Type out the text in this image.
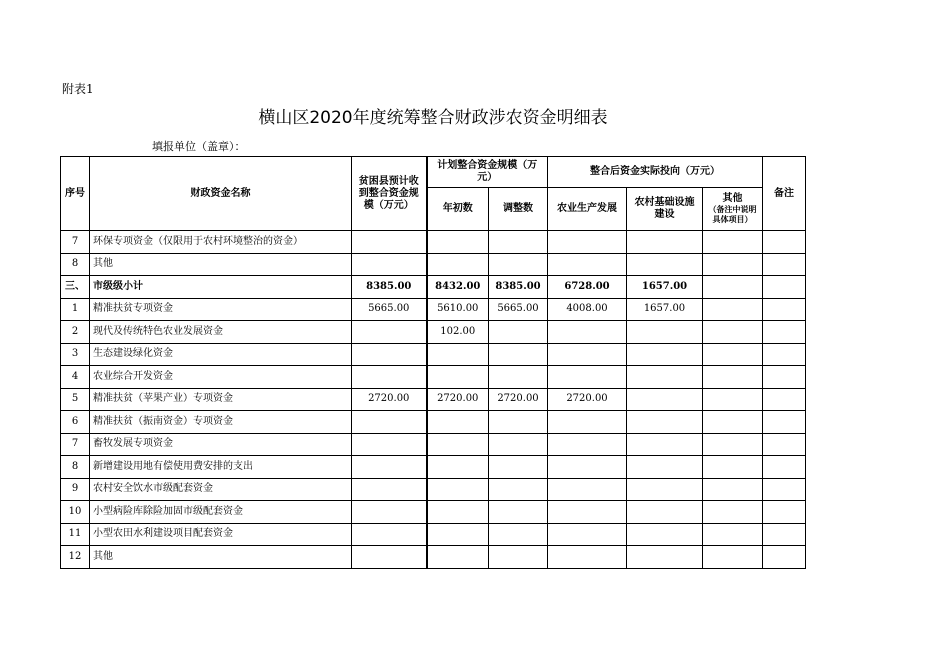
附表1
横山区2020年度统筹整合财政涉农资金明细表
填报单位（盖章）：
序号	财政资金名称	贫困县预计收到整合资金规模（万元）	计划整合资金规模（万元）		整合后资金实际投向（万元）			备注
			年初数	调整数	农业生产发展	农村基础设施建设	其他
（备注中说明具体项目）	

7	环保专项资金（仅限用于农村环境整治的资金）							
8	其他							
三、	市级级小计	8385.00	8432.00	8385.00	6728.00	1657.00		
1	精准扶贫专项资金	5665.00	5610.00	5665.00	4008.00	1657.00		
2	现代及传统特色农业发展资金		102.00					
3	生态建设绿化资金							
4	农业综合开发资金							
5	精准扶贫（苹果产业）专项资金	2720.00	2720.00	2720.00	2720.00			
6	精准扶贫（振南资金）专项资金							
7	畜牧发展专项资金							
8	新增建设用地有偿使用费安排的支出							
9	农村安全饮水市级配套资金							
10	小型病险库除险加固市级配套资金							
11	小型农田水利建设项目配套资金							
12	其他							
